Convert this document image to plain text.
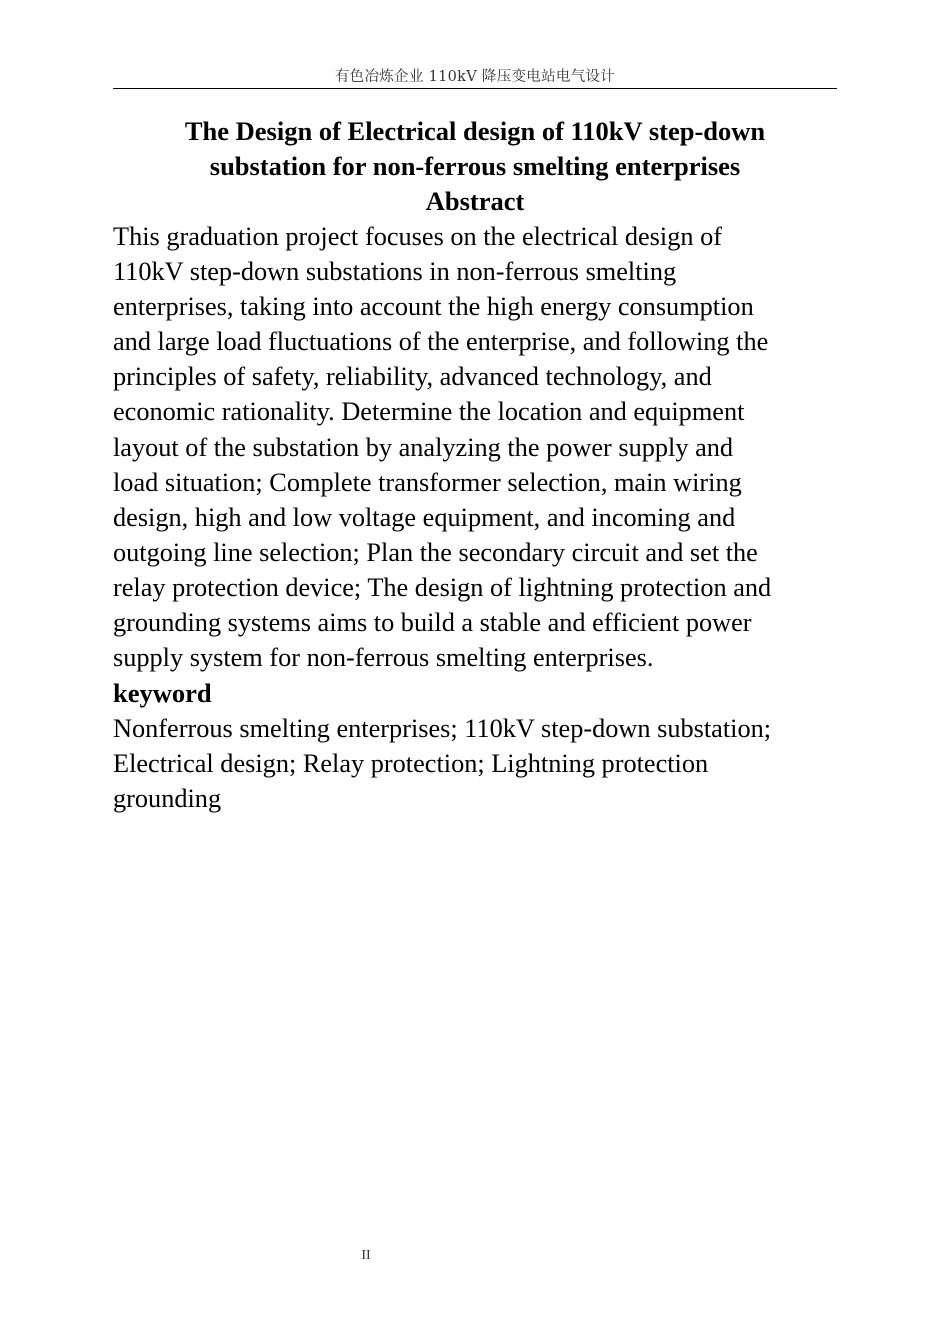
有色冶炼企业 110kV 降压变电站电气设计
The Design of Electrical design of 110kV step-down
substation for non-ferrous smelting enterprises
Abstract

This graduation project focuses on the electrical design of
110kV step-down substations in non-ferrous smelting
enterprises, taking into account the high energy consumption
and large load fluctuations of the enterprise, and following the
principles of safety, reliability, advanced technology, and
economic rationality. Determine the location and equipment
layout of the substation by analyzing the power supply and
load situation; Complete transformer selection, main wiring
design, high and low voltage equipment, and incoming and
outgoing line selection; Plan the secondary circuit and set the
relay protection device; The design of lightning protection and
grounding systems aims to build a stable and efficient power
supply system for non-ferrous smelting enterprises.

keyword

Nonferrous smelting enterprises; 110kV step-down substation;
Electrical design; Relay protection; Lightning protection
grounding

II
